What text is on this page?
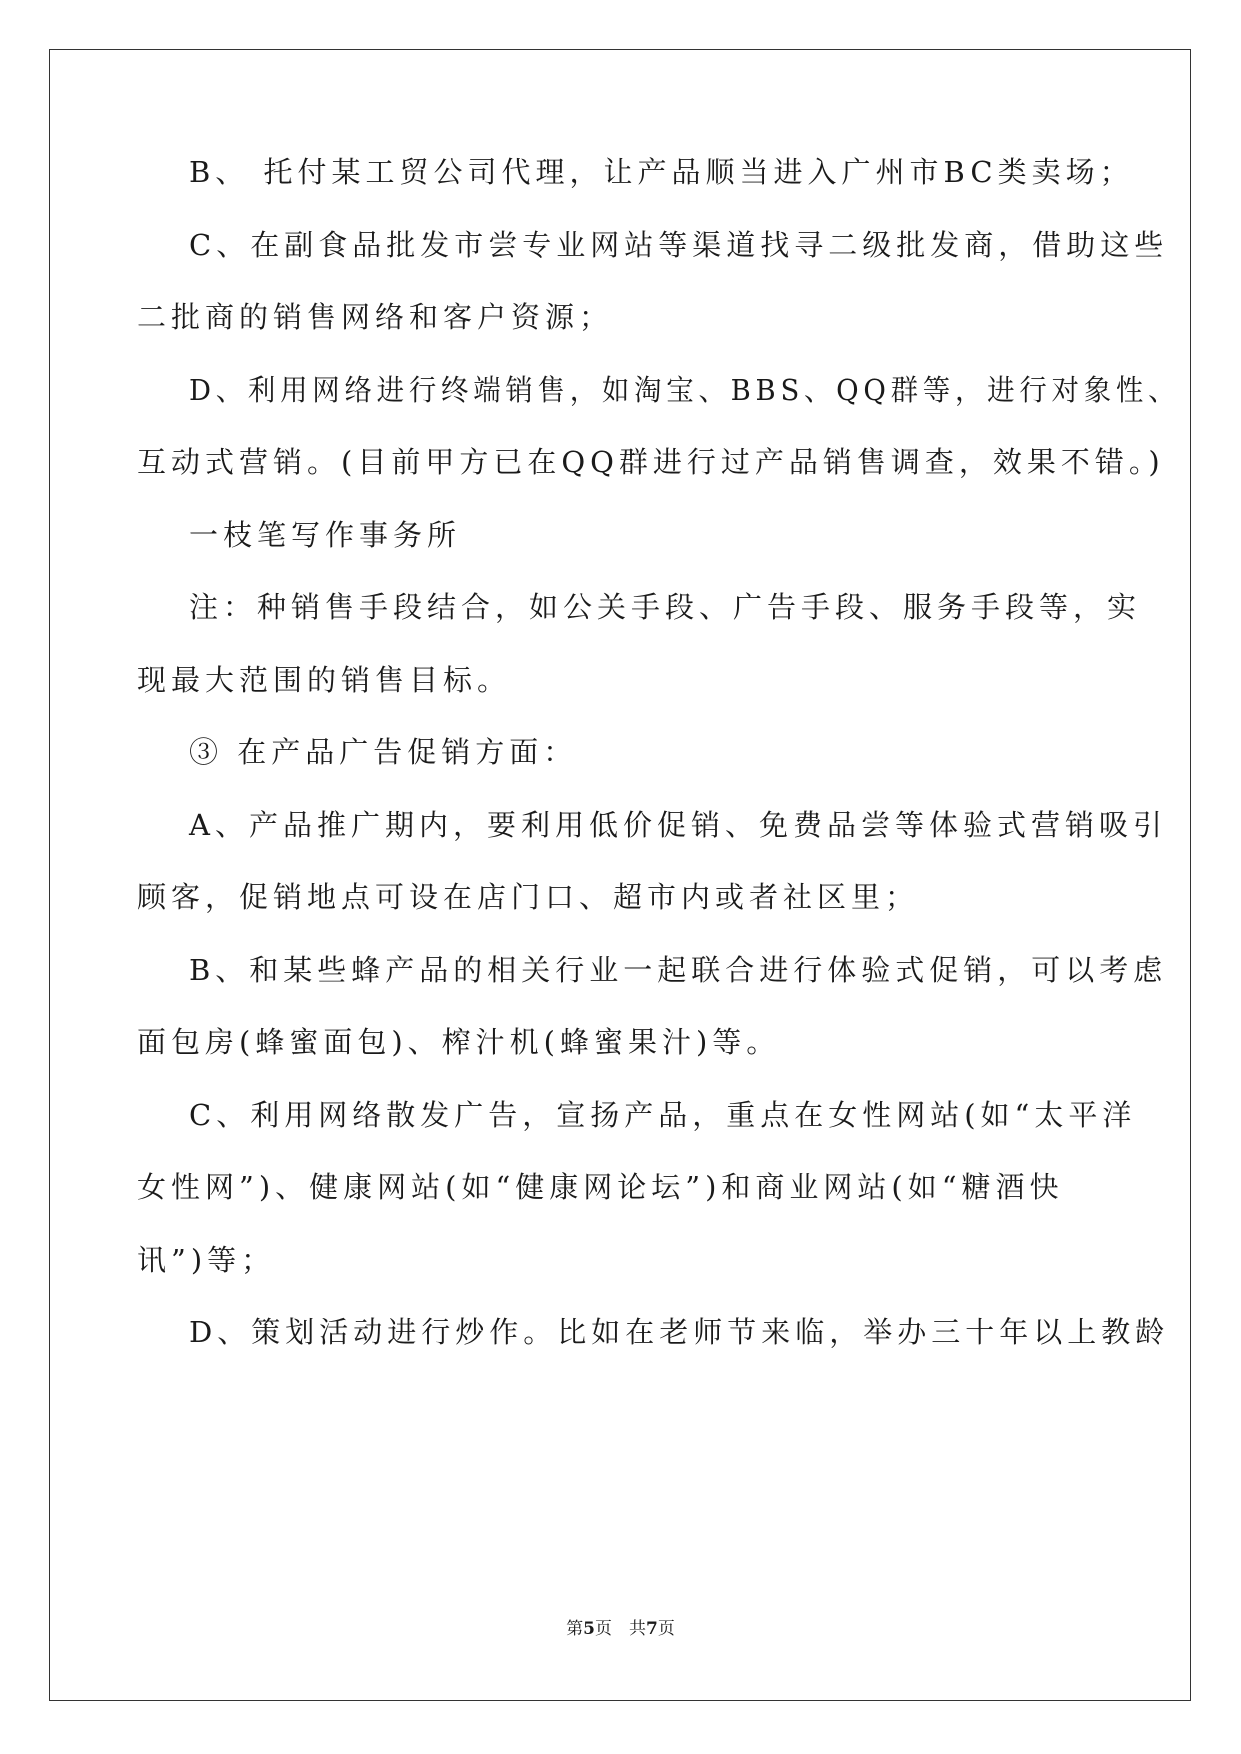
B、 托付某工贸公司代理，让产品顺当进入广州市BC类卖场；
C、在副食品批发市尝专业网站等渠道找寻二级批发商，借助这些
二批商的销售网络和客户资源；
D、利用网络进行终端销售，如淘宝、BBS、QQ群等，进行对象性、
互动式营销。(目前甲方已在QQ群进行过产品销售调查，效果不错。)
一枝笔写作事务所
注：种销售手段结合，如公关手段、广告手段、服务手段等，实
现最大范围的销售目标。
③ 在产品广告促销方面：
A、产品推广期内，要利用低价促销、免费品尝等体验式营销吸引
顾客，促销地点可设在店门口、超市内或者社区里；
B、和某些蜂产品的相关行业一起联合进行体验式促销，可以考虑
面包房(蜂蜜面包)、榨汁机(蜂蜜果汁)等。
C、利用网络散发广告，宣扬产品，重点在女性网站(如“太平洋
女性网”)、健康网站(如“健康网论坛”)和商业网站(如“糖酒快
讯”)等；
D、策划活动进行炒作。比如在老师节来临，举办三十年以上教龄
第5页　共7页
